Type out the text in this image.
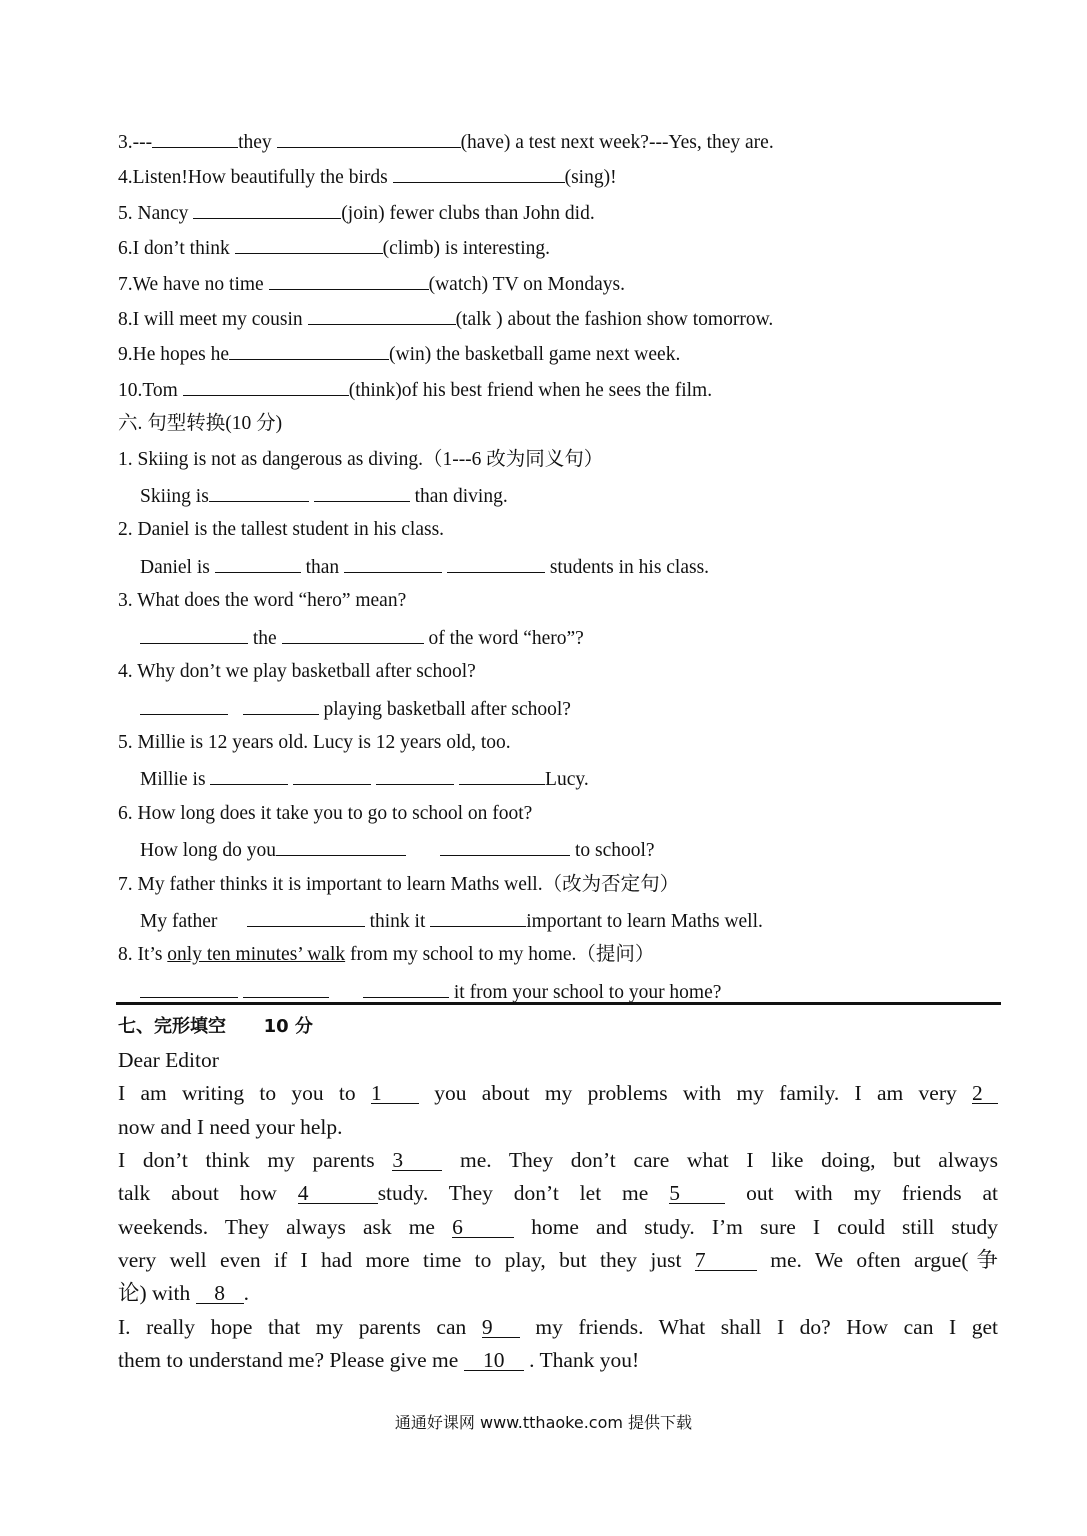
3.---	they	(have) a test next week?---Yes, they are.
4.Listen!How beautifully the birds	(sing)!
5. Nancy	(join) fewer clubs than John did.
6.I don’t think	(climb) is interesting.
7.We have no time	(watch) TV on Mondays.
8.I will meet my cousin	(talk ) about the fashion show tomorrow.
9.He hopes he	(win) the basketball game next week.
10.Tom	(think)of his best friend when he sees the film.
六. 句型转换(10 分)
1. Skiing is not as dangerous as diving.（1---6 改为同义句）
Skiing is	than diving.
2. Daniel is the tallest student in his class.
Daniel is	than	students in his class.
3. What does the word “hero” mean?
the	of the word “hero”?
4. Why don’t we play basketball after school?
playing basketball after school?
5. Millie is 12 years old. Lucy is 12 years old, too.
Millie is	Lucy.
6. How long does it take you to go to school on foot?
How long do you	to school?
7. My father thinks it is important to learn Maths well.（改为否定句）
My father	think it	important to learn Maths well.
8. It’s only ten minutes’ walk from my school to my home.（提问）
it from your school to your home?
七、完形填空 10 分
Dear Editor
I am writing to you to 1 you about my problems with my family. I am very 2
now and I need your help.
I don’t think my parents 3	me. They don’t care what I like doing, but always
talk about how 4	study. They don’t let me 5	out with my friends at
weekends. They always ask me 6	home and study. I’m sure I could still study
very well even if I had more time to play, but they just 7	me. We often argue(争
论) with 8 .
I. really hope that my parents can 9 my friends. What shall I do? How can I get
them to understand me? Please give me 10 . Thank you!
通通好课网 www.tthaoke.com 提供下载
